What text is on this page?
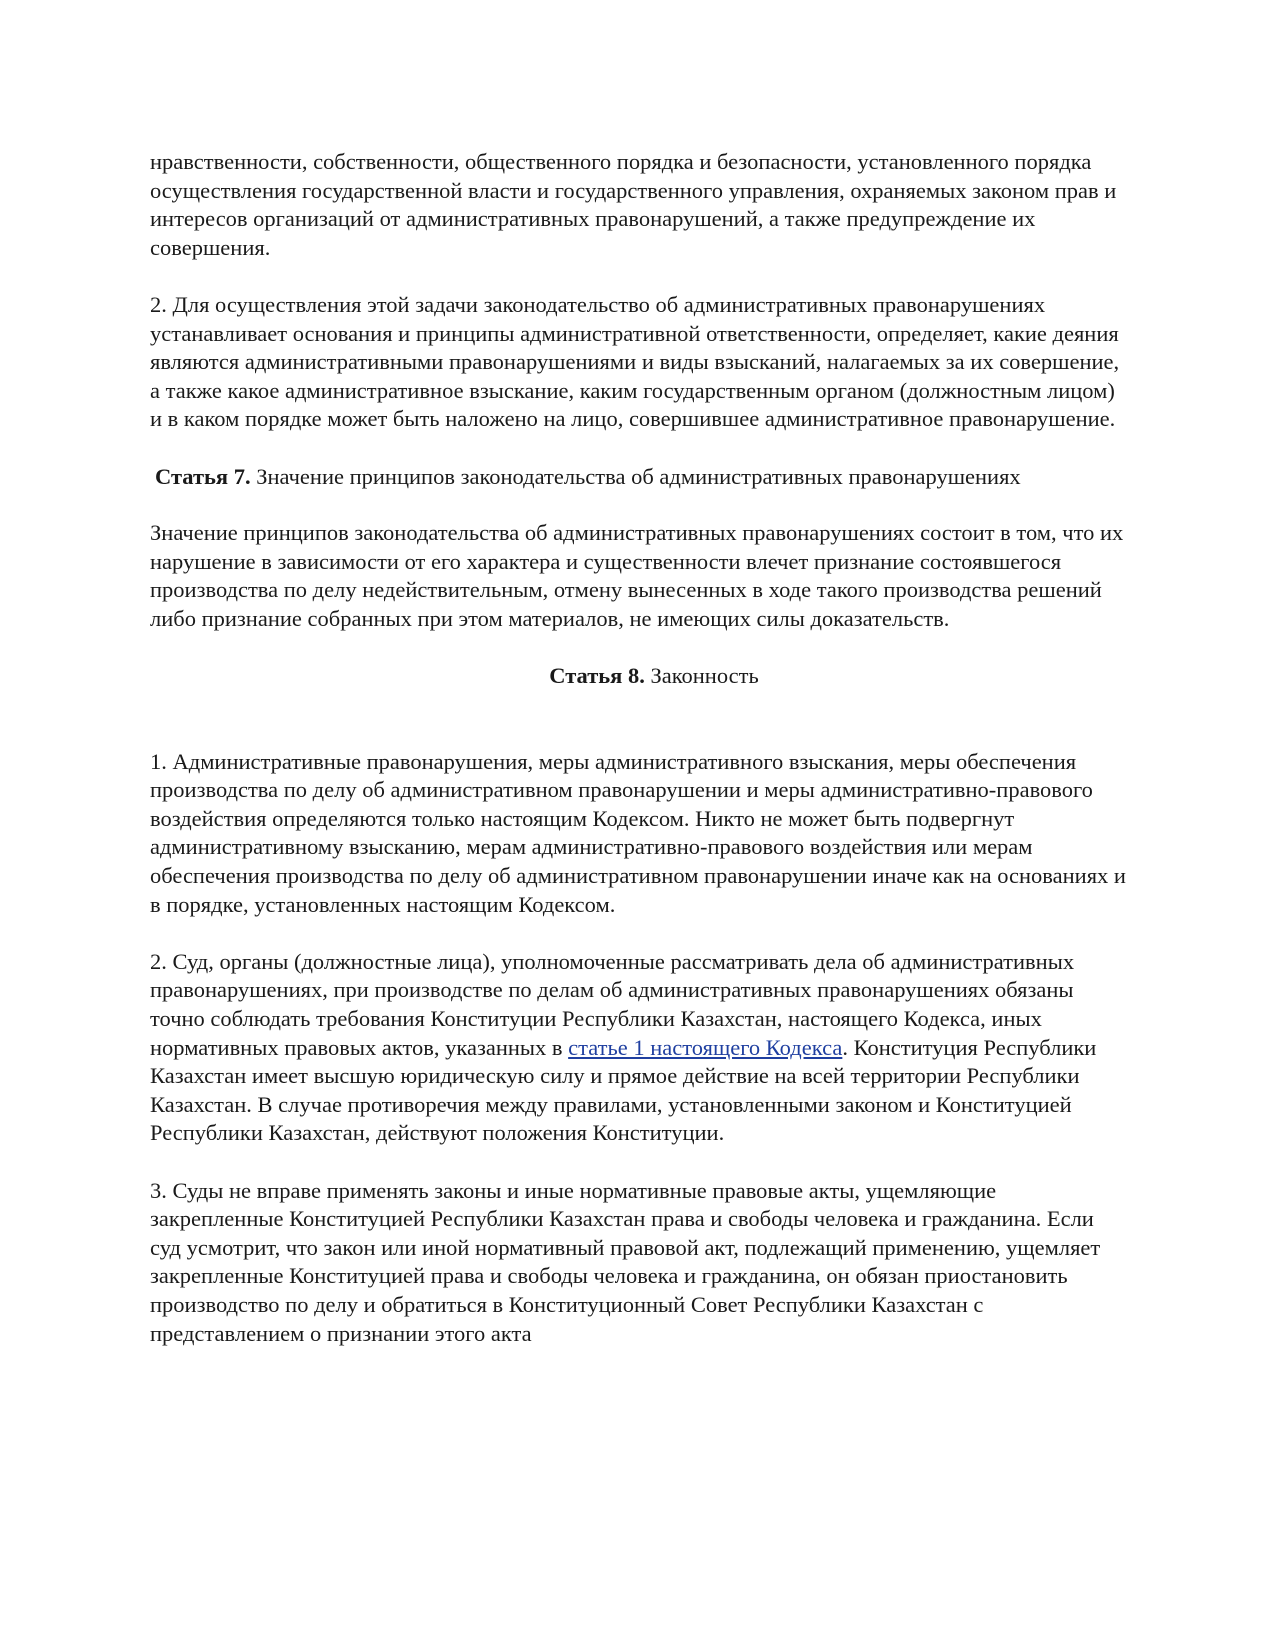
нравственности, собственности, общественного порядка и безопасности, установленного порядка осуществления государственной власти и государственного управления, охраняемых законом прав и интересов организаций от административных правонарушений, а также предупреждение их совершения.

2. Для осуществления этой задачи законодательство об административных правонарушениях устанавливает основания и принципы административной ответственности, определяет, какие деяния являются административными правонарушениями и виды взысканий, налагаемых за их совершение, а также какое административное взыскание, каким государственным органом (должностным лицом) и в каком порядке может быть наложено на лицо, совершившее административное правонарушение.

Статья 7. Значение принципов законодательства об административных правонарушениях

Значение принципов законодательства об административных правонарушениях состоит в том, что их нарушение в зависимости от его характера и существенности влечет признание состоявшегося производства по делу недействительным, отмену вынесенных в ходе такого производства решений либо признание собранных при этом материалов, не имеющих силы доказательств.

Статья 8. Законность

1. Административные правонарушения, меры административного взыскания, меры обеспечения производства по делу об административном правонарушении и меры административно-правового воздействия определяются только настоящим Кодексом. Никто не может быть подвергнут административному взысканию, мерам административно-правового воздействия или мерам обеспечения производства по делу об административном правонарушении иначе как на основаниях и в порядке, установленных настоящим Кодексом.

2. Суд, органы (должностные лица), уполномоченные рассматривать дела об административных правонарушениях, при производстве по делам об административных правонарушениях обязаны точно соблюдать требования Конституции Республики Казахстан, настоящего Кодекса, иных нормативных правовых актов, указанных в статье 1 настоящего Кодекса. Конституция Республики Казахстан имеет высшую юридическую силу и прямое действие на всей территории Республики Казахстан. В случае противоречия между правилами, установленными законом и Конституцией Республики Казахстан, действуют положения Конституции.

3. Суды не вправе применять законы и иные нормативные правовые акты, ущемляющие закрепленные Конституцией Республики Казахстан права и свободы человека и гражданина. Если суд усмотрит, что закон или иной нормативный правовой акт, подлежащий применению, ущемляет закрепленные Конституцией права и свободы человека и гражданина, он обязан приостановить производство по делу и обратиться в Конституционный Совет Республики Казахстан с представлением о признании этого акта
